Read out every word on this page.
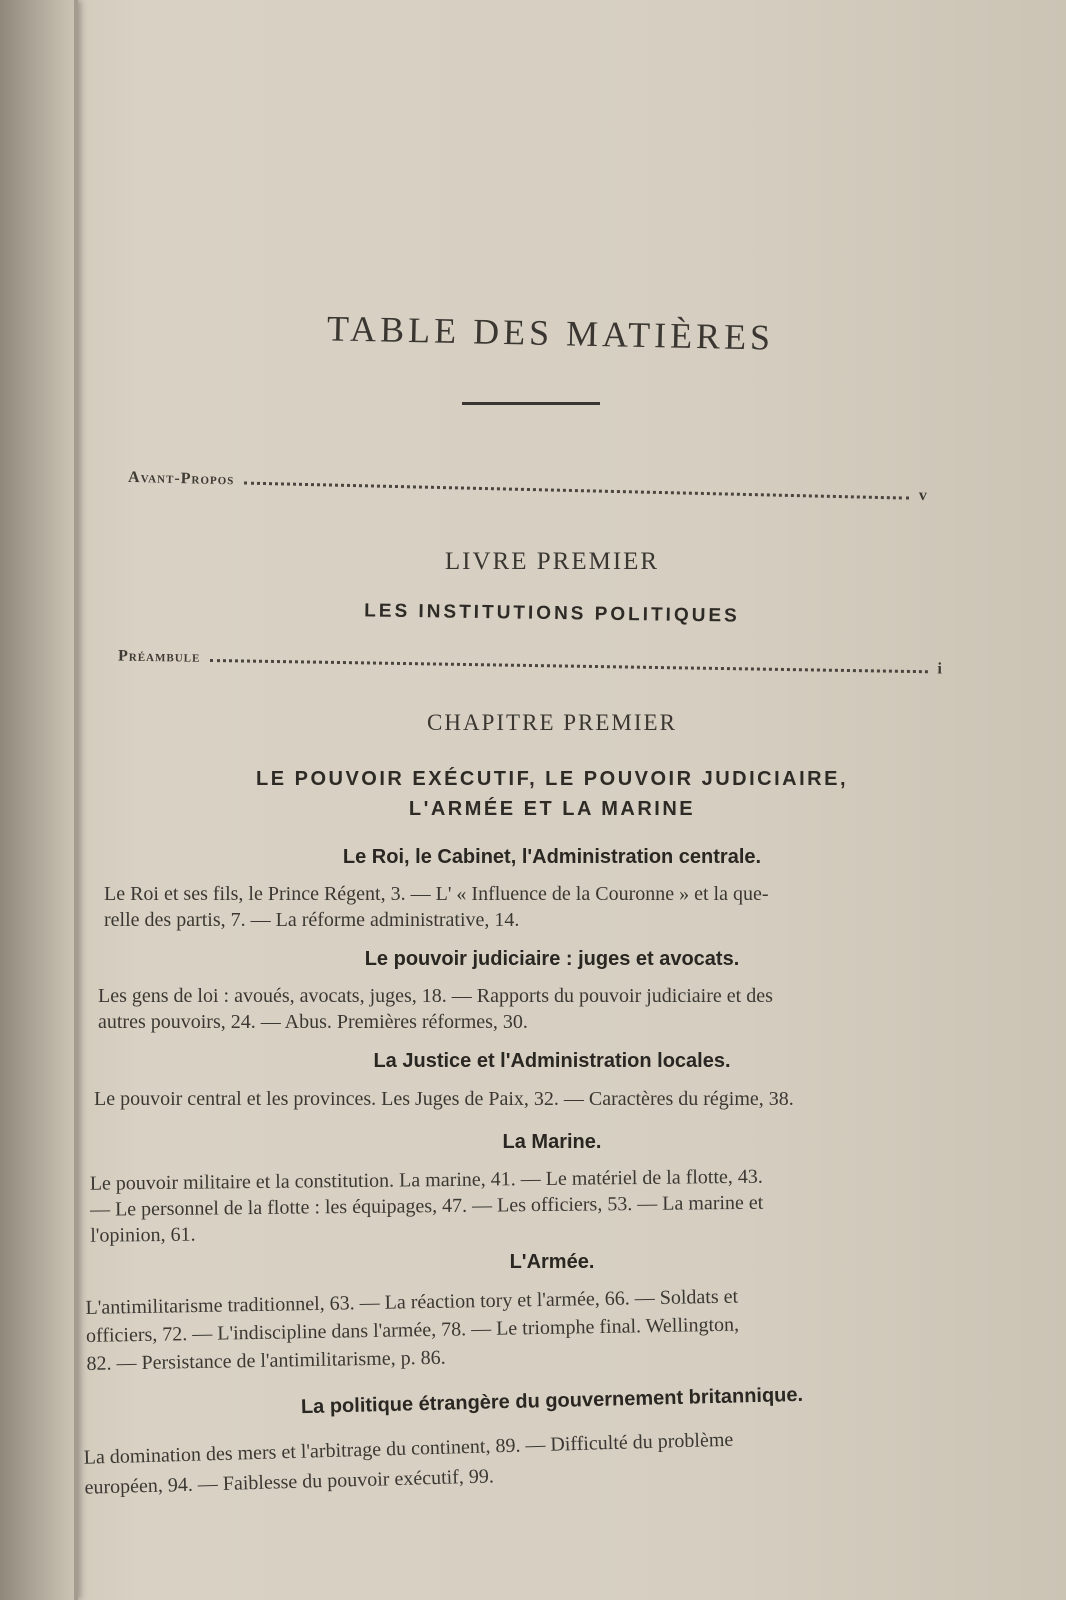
TABLE DES MATIÈRES
Avant-Propos
v
LIVRE PREMIER
LES INSTITUTIONS POLITIQUES
Préambule
i
CHAPITRE PREMIER
LE POUVOIR EXÉCUTIF, LE POUVOIR JUDICIAIRE,
L'ARMÉE ET LA MARINE
Le Roi, le Cabinet, l'Administration centrale.
Le Roi et ses fils, le Prince Régent, 3. — L' « Influence de la Couronne » et la que-
relle des partis, 7. — La réforme administrative, 14.
Le pouvoir judiciaire : juges et avocats.
Les gens de loi : avoués, avocats, juges, 18. — Rapports du pouvoir judiciaire et des
autres pouvoirs, 24. — Abus. Premières réformes, 30.
La Justice et l'Administration locales.
Le pouvoir central et les provinces. Les Juges de Paix, 32. — Caractères du régime, 38.
La Marine.
Le pouvoir militaire et la constitution. La marine, 41. — Le matériel de la flotte, 43.
— Le personnel de la flotte : les équipages, 47. — Les officiers, 53. — La marine et
l'opinion, 61.
L'Armée.
L'antimilitarisme traditionnel, 63. — La réaction tory et l'armée, 66. — Soldats et
officiers, 72. — L'indiscipline dans l'armée, 78. — Le triomphe final. Wellington,
82. — Persistance de l'antimilitarisme, p. 86.
La politique étrangère du gouvernement britannique.
La domination des mers et l'arbitrage du continent, 89. — Difficulté du problème
européen, 94. — Faiblesse du pouvoir exécutif, 99.
